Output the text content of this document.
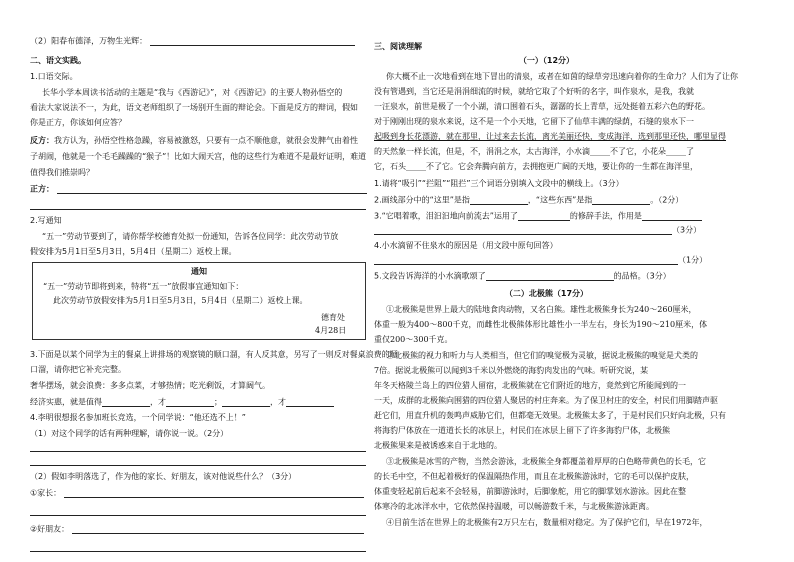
（2）阳春布德泽，万物生光辉：
二、语文实践。
1.口语交际。
长华小学本周读书活动的主题是“我与《西游记》”，对《西游记》的主要人物孙悟空的
看法大家说法不一，为此，语文老师组织了一场别开生面的辩论会。下面是反方的辩词，假如
你是正方，你该如何应答？
反方：我方认为，孙悟空性格急躁，容易被激怒，只要有一点不顺他意，就很会发脾气由着性
子胡闹，他就是一个毛毛躁躁的“猴子”！比如大闹天宫，他的这些行为难道不是最好证明，难道
值得我们推崇吗？
正方：
2.写通知
“五一”劳动节要到了，请你帮学校德育处拟一份通知，告诉各位同学：此次劳动节放
假安排为5月1日至5月3日，5月4日（星期二）返校上课。
通知
“五一”劳动节即将到来，特将“五一”放假事宜通知如下：
此次劳动节放假安排为5月1日至5月3日，5月4日（星期二）返校上课。
德育处
4月28日
3.下面是以某个同学为主的餐桌上讲排场的观察镜的顺口溜，有人反其意，另写了一则反对餐桌浪费的顺
口溜，请你把它补充完整。
奢华摆场，就会浪费：多多点菜，才够热情；吃光剩饭，才算阔气。
经济实惠，就是值得	，才	；	，才
4.李明很想报名参加班长竞选，一个同学说：“他还选不上！”
（1）对这个同学的话有两种理解，请你说一说。（2分）
（2）假如李明落选了，作为他的家长、好朋友，该对他说些什么？（3分）
①家长：
②好朋友：
三、阅读理解
（一）（12分）
你大概不止一次地看到在地下冒出的清泉，或者在如茵的绿草旁迅速向着你的生命力？人们为了让你
没有管遇到，当它还是涓涓细流的时候，就给它取了个好听的名字，叫作泉水，是我，我就
一汪泉水，前世是极了一个小湖，清口围着石头，潺潺的长上青草，远处挺着五彩六色的野花。
对于刚刚出现的泉水来说，这不是一个小天地，它留下了仙草丰满的绿荫，石缝的泉水下一
起吸到身长花漂游，就在那里，让过来去长流，离光美丽还快，变成海洋，选到那里还快，哪里显得
的天然象一样长流，但是，不，涓涓之水，太古海洋，小水滴_____不了它，小花朵_____了
它，石头_____不了它。它会奔腾向前方，去拥抱更广阔的天地，要让你的一生都在海洋里，
1.请将“吸引”“拦阻”“阻拦”三个词语分别填入文段中的横线上。（3分）
2.画线部分中的“这里”是指	，“这些东西”是指	。（2分）
3.“它唱着歌，泪汩汩地向前流去”运用了	的修辞手法，作用是
（3分）
4.小水滴留不住泉水的原因是（用文段中原句回答）
（1分）
5.文段告诉海洋的小水滴歌颂了	的品格。（3分）
（二）北极熊（17分）
①北极熊是世界上最大的陆地食肉动物，又名白熊。雄性北极熊身长为240～260厘米，
体重一般为400～800千克，而雌性北极熊体形比雄性小一半左右，身长为190～210厘米，体
重仅200～300千克。
②北极熊的视力和听力与人类相当，但它们的嗅觉极为灵敏，据说北极熊的嗅觉是犬类的
7倍。据说北极熊可以闻到3千米以外燃烧的海豹肉发出的气味。听研究说，某
年冬天格陵兰岛上的四位猎人留宿，北极熊就在它们附近的地方，竟然到它所能闻到的一
一天，成群的北极熊向围猎的四位猎人聚居的村庄奔来。为了保卫村庄的安全，村民们用脚踏声驱
赶它们，用直升机的轰鸣声威胁它们，但都毫无效果。北极熊太多了，于是村民们只好向北极，只有
将海豹尸体放在一道道长长的冰层上，村民们在冰层上留下了许多海豹尸体，北极熊
北极熊果来是被诱惑来自于北地的。
③北极熊是冰雪的产物，当然会游泳，北极熊全身都覆盖着厚厚的白色略带黄色的长毛，它
的长毛中空，不但起着极好的保温隔热作用，而且在北极熊游泳时，它的毛可以保护皮肤，
体重变轻起前后起来不会轻易，前脚游泳时，后脚象舵，用它的脚掌划水游泳。因此在整
体寒冷的北冰洋水中，它依然保持温暖，可以畅游数千米，与北极熊游泳距离。
④目前生活在世界上的北极熊有2万只左右，数量相对稳定。为了保护它们，早在1972年，
